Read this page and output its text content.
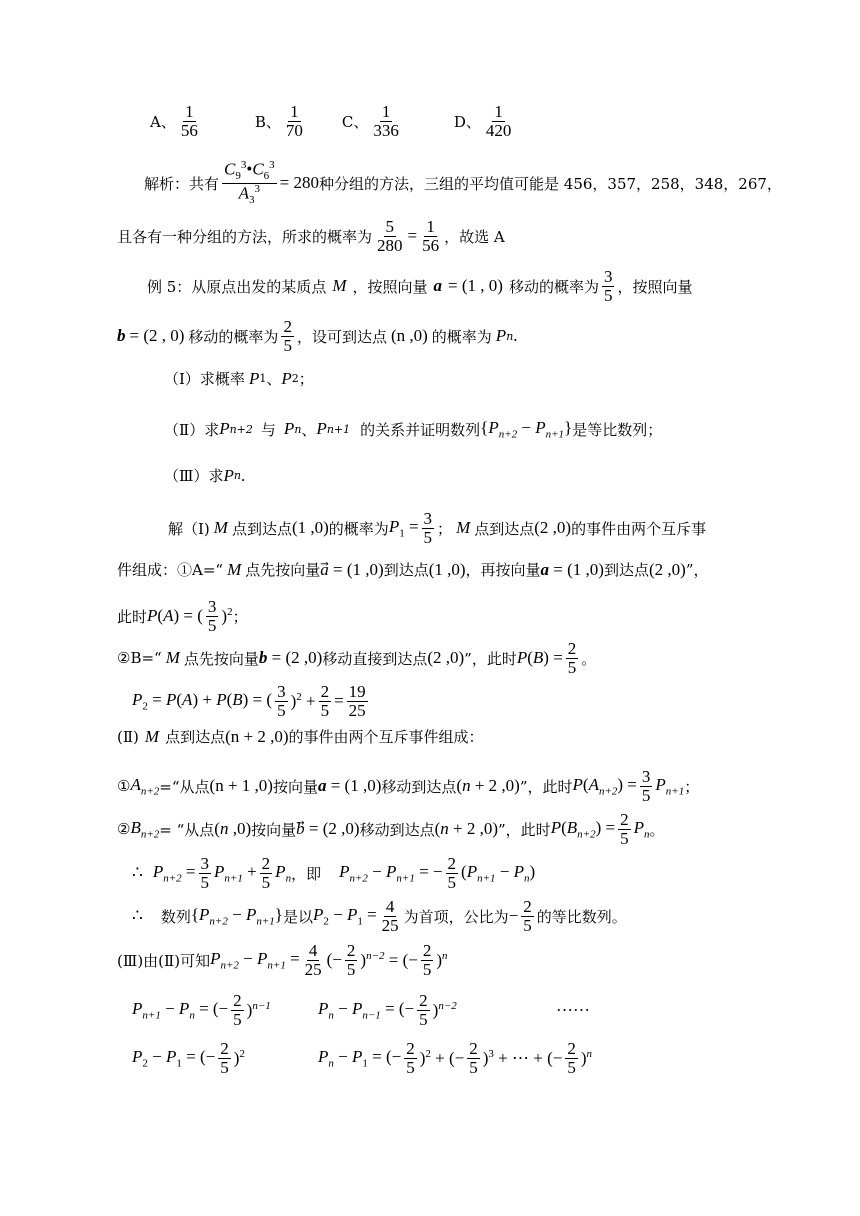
A、 $\frac{1}{56}$	B、 $\frac{1}{70}$ C、 $\frac{1}{336}$	D、 $\frac{1}{420}$
解析：共有 $\frac{C_9^3•C_6^3}{A_3^3} = 280$ 种分组的方法，三组的平均值可能是 456，357，258，348，267，
且各有一种分组的方法，所求的概率为 $\frac{5}{280} = \frac{1}{56}$ ，故选 A
例 5：从原点出发的某质点 M ，按照向量 a = (1 , 0) 移动的概率为 $\frac{3}{5}$ ，按照向量
b = (2 , 0) 移动的概率为 $\frac{2}{5}$ ，设可到达点 (n ,0) 的概率为 P n .
（Ⅰ）求概率 P 1 、 P 2 ；
（Ⅱ）求 P n+2 与 P n 、 P n+1 的关系并证明数列 $\{P_{n+2} - P_{n+1}\}$ 是等比数列；
（Ⅲ）求 P n .
解（Ⅰ) M 点到达点 (1 ,0) 的概率为 $P_1 = \frac{3}{5}$ ； M 点到达点 (2 ,0) 的事件由两个互斥事
件组成：①A=“ M 点先按向量 a⃗ = (1 ,0) 到达点 (1 ,0) ，再按向量 a = (1 ,0) 到达点 (2 ,0) ”，
此时 P(A) = ( $\frac{3}{5} )^2$ ；
②B=“ M 点先按向量 b = (2 ,0) 移动直接到达点 (2 ,0) ”，此时 $P(B) = \frac{2}{5}$ 。
$P_2 = P(A) + P(B)$ = ( $\frac{3}{5} )^2 + \frac{2}{5} = \frac{19}{25}$
(Ⅱ) M 点到达点 (n + 2 ,0) 的事件由两个互斥事件组成：
① $A_{n+2}$ =“从点 (n + 1 ,0) 按向量 a = (1 ,0) 移动到达点 (n + 2 ,0) ”，此时 $P(A_{n+2}) = \frac{3}{5} P_{n+1}$ ；
② $B_{n+2}$ = “从点 (n ,0) 按向量 b⃗ = (2 ,0) 移动到达点 (n + 2 ,0) ”，此时 $P(B_{n+2}) = \frac{2}{5} P_n$ 。
∴ $P_{n+2} = \frac{3}{5} P_{n+1} + \frac{2}{5} P_n$ ，即 $P_{n+2} - P_{n+1}$ = − $\frac{2}{5} (P_{n+1} - P_n)$
∴ 数列 $\{P_{n+2} - P_{n+1}\}$ 是以 $P_2 - P_1 = \frac{4}{25}$ 为首项，公比为 − $\frac{2}{5}$ 的等比数列。
(Ⅲ)由(Ⅱ)可知 $P_{n+2} - P_{n+1} = \frac{4}{25}$ (− $\frac{2}{5} )^{n-2}$ = (− $\frac{2}{5} )^n$
$P_{n+1} - P_n$ = (− $\frac{2}{5} )^{n-1}$	$P_n - P_{n-1}$ = (− $\frac{2}{5} )^{n-2}$	……
$P_2 - P_1$ = (− $\frac{2}{5} )^2$	$P_n - P_1$ = (− $\frac{2}{5} )^2$ + (− $\frac{2}{5} )^3$ + ⋯ + (− $\frac{2}{5} )^n$
